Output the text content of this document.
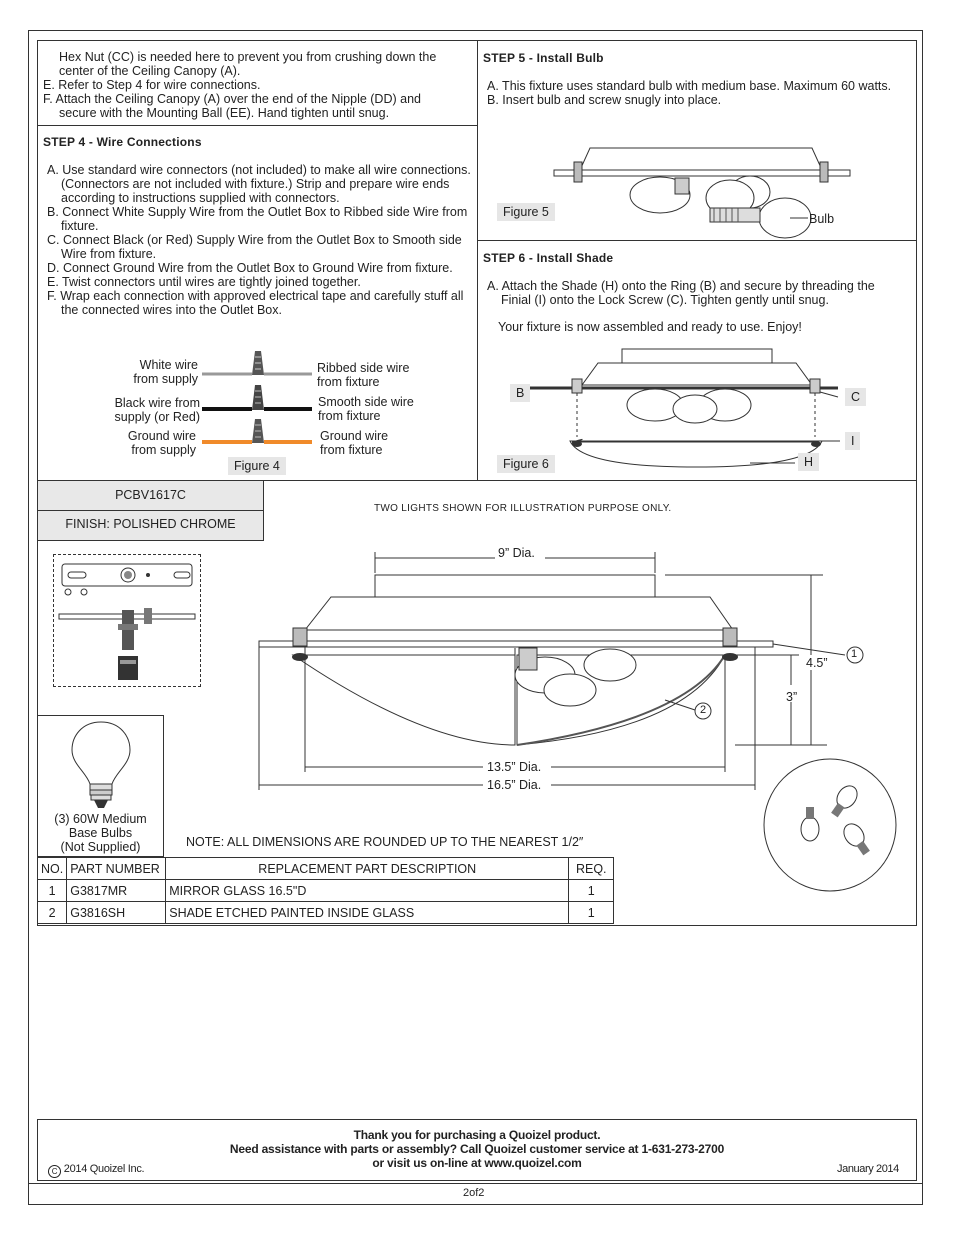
Hex Nut (CC) is needed here to prevent you from crushing down the
center of the Ceiling Canopy (A).
E. Refer to Step 4 for wire connections.
F. Attach the Ceiling Canopy (A) over the end of the Nipple (DD) and
secure with the Mounting Ball (EE). Hand tighten until snug.
STEP 4 - Wire Connections

A. Use standard wire connectors (not included) to make all wire connections. (Connectors are not included with fixture.) Strip and prepare wire ends according to instructions supplied with connectors.

B. Connect White Supply Wire from the Outlet Box to Ribbed side Wire from fixture.

C. Connect Black (or Red) Supply Wire from the Outlet Box to Smooth side Wire from fixture.

D. Connect Ground Wire from the Outlet Box to Ground Wire from fixture.

E. Twist connectors until wires are tightly joined together.

F. Wrap each connection with approved electrical tape and carefully stuff all the connected wires into the Outlet Box.

White wire
from supply
Ribbed side wire
from fixture
Black wire from
supply (or Red)
Smooth side wire
from fixture
Ground wire
from supply
Ground wire
from fixture
Figure 4
STEP 5 - Install Bulb

A. This fixture uses standard bulb with medium base. Maximum 60 watts.

B. Insert bulb and screw snugly into place.

Bulb
Figure 5
STEP 6 - Install Shade

A. Attach the Shade (H) onto the Ring (B) and secure by threading the Finial (I) onto the Lock Screw (C). Tighten gently until snug.

Your fixture is now assembled and ready to use. Enjoy!

B	C
I
H
Figure 6
PCBV1617C
FINISH: POLISHED CHROME
TWO LIGHTS SHOWN FOR ILLUSTRATION PURPOSE ONLY.
(3) 60W Medium
Base Bulbs
(Not Supplied)
9” Dia.
4.5”
3”
13.5” Dia.
16.5” Dia.
1
2
NOTE: ALL DIMENSIONS ARE ROUNDED UP TO THE NEAREST 1/2″
NO.	PART NUMBER	REPLACEMENT PART DESCRIPTION	REQ.
1	G3817MR	MIRROR GLASS 16.5"D	1
2	G3816SH	SHADE ETCHED PAINTED INSIDE GLASS	1
Thank you for purchasing a Quoizel product.
Need assistance with parts or assembly? Call Quoizel customer service at 1-631-273-2700
or visit us on-line at www.quoizel.com
C 2014 Quoizel Inc.	January 2014
2of2
